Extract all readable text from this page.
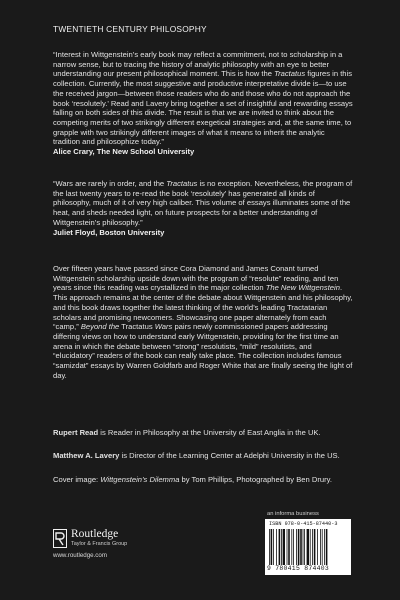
TWENTIETH CENTURY PHILOSOPHY

“Interest in Wittgenstein’s early book may reflect a commitment, not to scholarship in a narrow sense, but to tracing the history of analytic philosophy with an eye to better understanding our present philosophical moment. This is how the Tractatus figures in this collection. Currently, the most suggestive and productive interpretative divide is—to use the received jargon—between those readers who do and those who do not approach the book ‘resolutely.’ Read and Lavery bring together a set of insightful and rewarding essays falling on both sides of this divide. The result is that we are invited to think about the competing merits of two strikingly different exegetical strategies and, at the same time, to grapple with two strikingly different images of what it means to inherit the analytic tradition and philosophize today.”

Alice Crary, The New School University

“Wars are rarely in order, and the Tractatus is no exception. Nevertheless, the program of the last twenty years to re-read the book ‘resolutely’ has generated all kinds of philosophy, much of it of very high caliber. This volume of essays illuminates some of the heat, and sheds needed light, on future prospects for a better understanding of Wittgenstein’s philosophy.”

Juliet Floyd, Boston University

Over fifteen years have passed since Cora Diamond and James Conant turned Wittgenstein scholarship upside down with the program of “resolute” reading, and ten years since this reading was crystallized in the major collection The New Wittgenstein. This approach remains at the center of the debate about Wittgenstein and his philosophy, and this book draws together the latest thinking of the world’s leading Tractatarian scholars and promising newcomers. Showcasing one paper alternately from each “camp,” Beyond the Tractatus Wars pairs newly commissioned papers addressing differing views on how to understand early Wittgenstein, providing for the first time an arena in which the debate between “strong” resolutists, “mild” resolutists, and “elucidatory” readers of the book can really take place. The collection includes famous “samizdat” essays by Warren Goldfarb and Roger White that are finally seeing the light of day.

Rupert Read is Reader in Philosophy at the University of East Anglia in the UK.

Matthew A. Lavery is Director of the Learning Center at Adelphi University in the US.

Cover image: Wittgenstein’s Dilemma by Tom Phillips, Photographed by Ben Drury.

Routledge
Taylor & Francis Group
www.routledge.com
an informa business
ISBN 978-0-415-87440-3
9 780415 874403
